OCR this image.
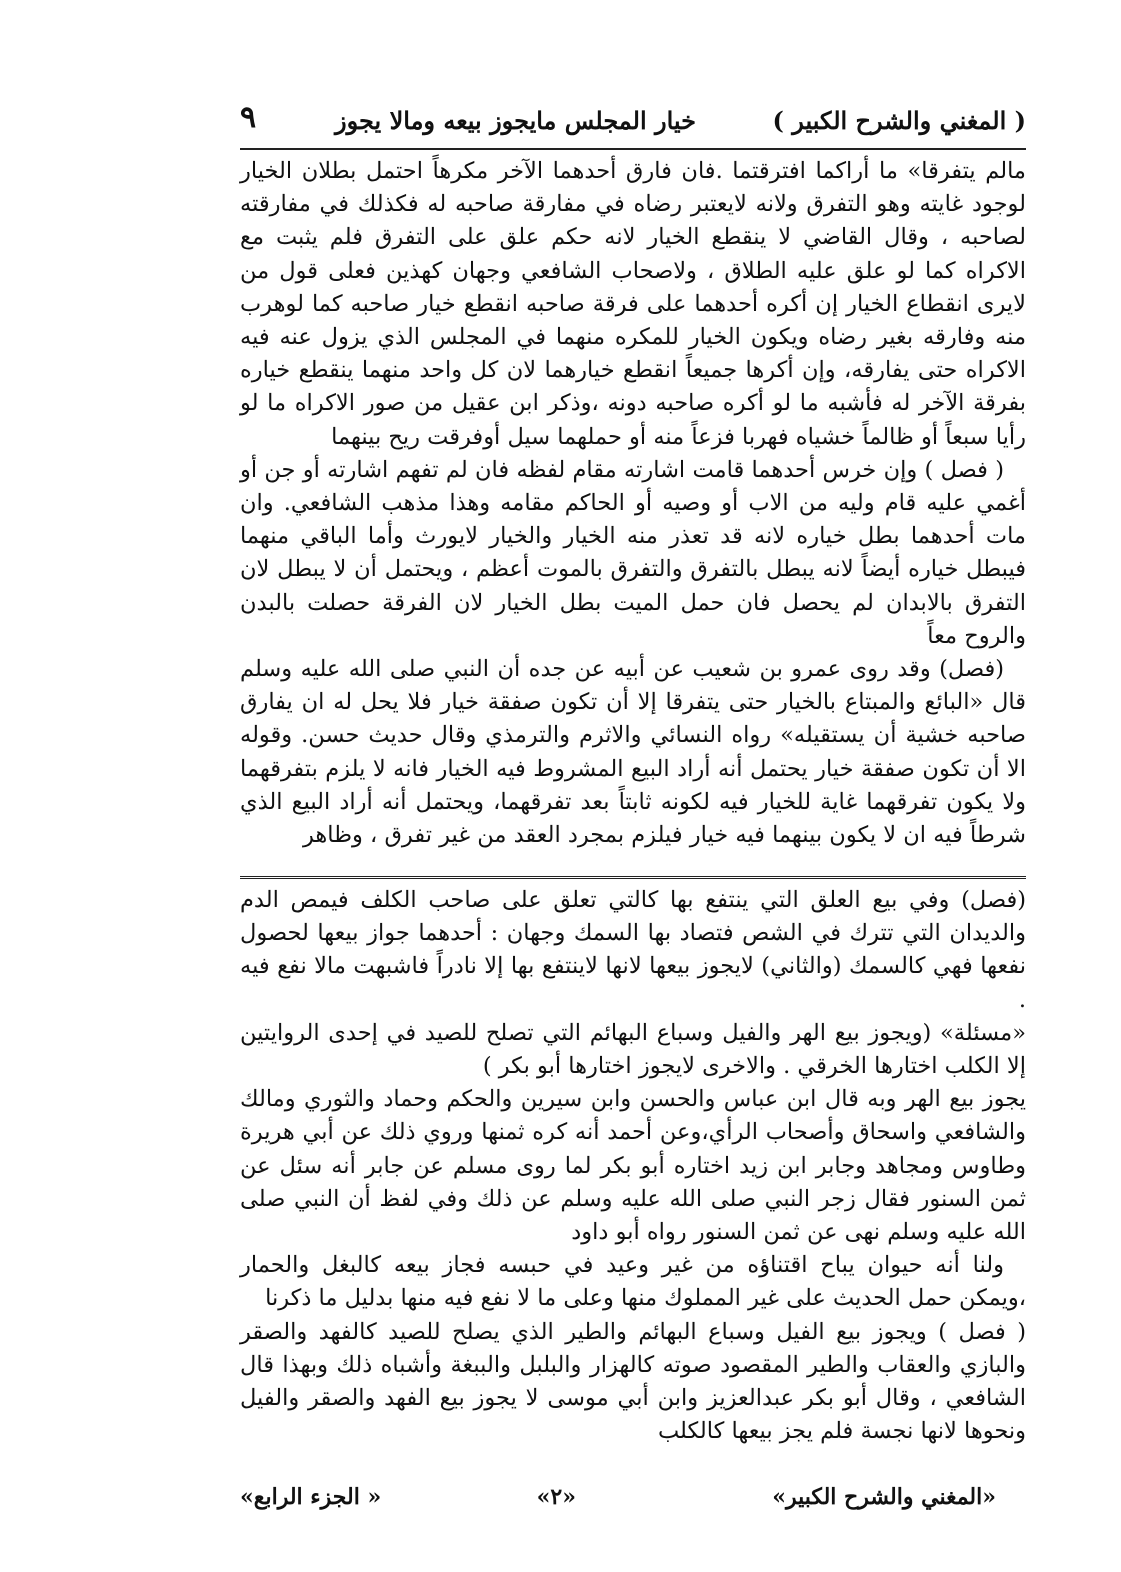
( المغني والشرح الكبير )
خيار المجلس مايجوز بيعه ومالا يجوز
٩

مالم يتفرقا» ما أراكما افترقتما .فان فارق أحدهما الآخر مكرهاً احتمل بطلان الخيار لوجود غايته وهو التفرق ولانه لايعتبر رضاه في مفارقة صاحبه له فكذلك في مفارقته لصاحبه ، وقال القاضي لا ينقطع الخيار لانه حكم علق على التفرق فلم يثبت مع الاكراه كما لو علق عليه الطلاق ، ولاصحاب الشافعي وجهان كهذين فعلى قول من لايرى انقطاع الخيار إن أكره أحدهما على فرقة صاحبه انقطع خيار صاحبه كما لوهرب منه وفارقه بغير رضاه ويكون الخيار للمكره منهما في المجلس الذي يزول عنه فيه الاكراه حتى يفارقه، وإن أكرها جميعاً انقطع خيارهما لان كل واحد منهما ينقطع خياره بفرقة الآخر له فأشبه ما لو أكره صاحبه دونه ،وذكر ابن عقيل من صور الاكراه ما لو رأيا سبعاً أو ظالماً خشياه فهربا فزعاً منه أو حملهما سيل أوفرقت ريح بينهما

( فصل ) وإن خرس أحدهما قامت اشارته مقام لفظه فان لم تفهم اشارته أو جن أو أغمي عليه قام وليه من الاب أو وصيه أو الحاكم مقامه وهذا مذهب الشافعي. وان مات أحدهما بطل خياره لانه قد تعذر منه الخيار والخيار لايورث وأما الباقي منهما فيبطل خياره أيضاً لانه يبطل بالتفرق والتفرق بالموت أعظم ، ويحتمل أن لا يبطل لان التفرق بالابدان لم يحصل فان حمل الميت بطل الخيار لان الفرقة حصلت بالبدن والروح معاً

(فصل) وقد روى عمرو بن شعيب عن أبيه عن جده أن النبي صلى الله عليه وسلم قال «البائع والمبتاع بالخيار حتى يتفرقا إلا أن تكون صفقة خيار فلا يحل له ان يفارق صاحبه خشية أن يستقيله» رواه النسائي والاثرم والترمذي وقال حديث حسن. وقوله الا أن تكون صفقة خيار يحتمل أنه أراد البيع المشروط فيه الخيار فانه لا يلزم بتفرقهما ولا يكون تفرقهما غاية للخيار فيه لكونه ثابتاً بعد تفرقهما، ويحتمل أنه أراد البيع الذي شرطاً فيه ان لا يكون بينهما فيه خيار فيلزم بمجرد العقد من غير تفرق ، وظاهر

(فصل) وفي بيع العلق التي ينتفع بها كالتي تعلق على صاحب الكلف فيمص الدم والديدان التي تترك في الشص فتصاد بها السمك وجهان : أحدهما جواز بيعها لحصول نفعها فهي كالسمك (والثاني) لايجوز بيعها لانها لاينتفع بها إلا نادراً فاشبهت مالا نفع فيه .

«مسئلة» (ويجوز بيع الهر والفيل وسباع البهائم التي تصلح للصيد في إحدى الروايتين إلا الكلب اختارها الخرقي . والاخرى لايجوز اختارها أبو بكر )

يجوز بيع الهر وبه قال ابن عباس والحسن وابن سيرين والحكم وحماد والثوري ومالك والشافعي واسحاق وأصحاب الرأي،وعن أحمد أنه كره ثمنها وروي ذلك عن أبي هريرة وطاوس ومجاهد وجابر ابن زيد اختاره أبو بكر لما روى مسلم عن جابر أنه سئل عن ثمن السنور فقال زجر النبي صلى الله عليه وسلم عن ذلك وفي لفظ أن النبي صلى الله عليه وسلم نهى عن ثمن السنور رواه أبو داود

ولنا أنه حيوان يباح اقتناؤه من غير وعيد في حبسه فجاز بيعه كالبغل والحمار ،ويمكن حمل الحديث على غير المملوك منها وعلى ما لا نفع فيه منها بدليل ما ذكرنا

( فصل ) ويجوز بيع الفيل وسباع البهائم والطير الذي يصلح للصيد كالفهد والصقر والبازي والعقاب والطير المقصود صوته كالهزار والبلبل والببغة وأشباه ذلك وبهذا قال الشافعي ، وقال أبو بكر عبدالعزيز وابن أبي موسى لا يجوز بيع الفهد والصقر والفيل ونحوها لانها نجسة فلم يجز بيعها كالكلب

«المغني والشرح الكبير»
«٢»
« الجزء الرابع»
